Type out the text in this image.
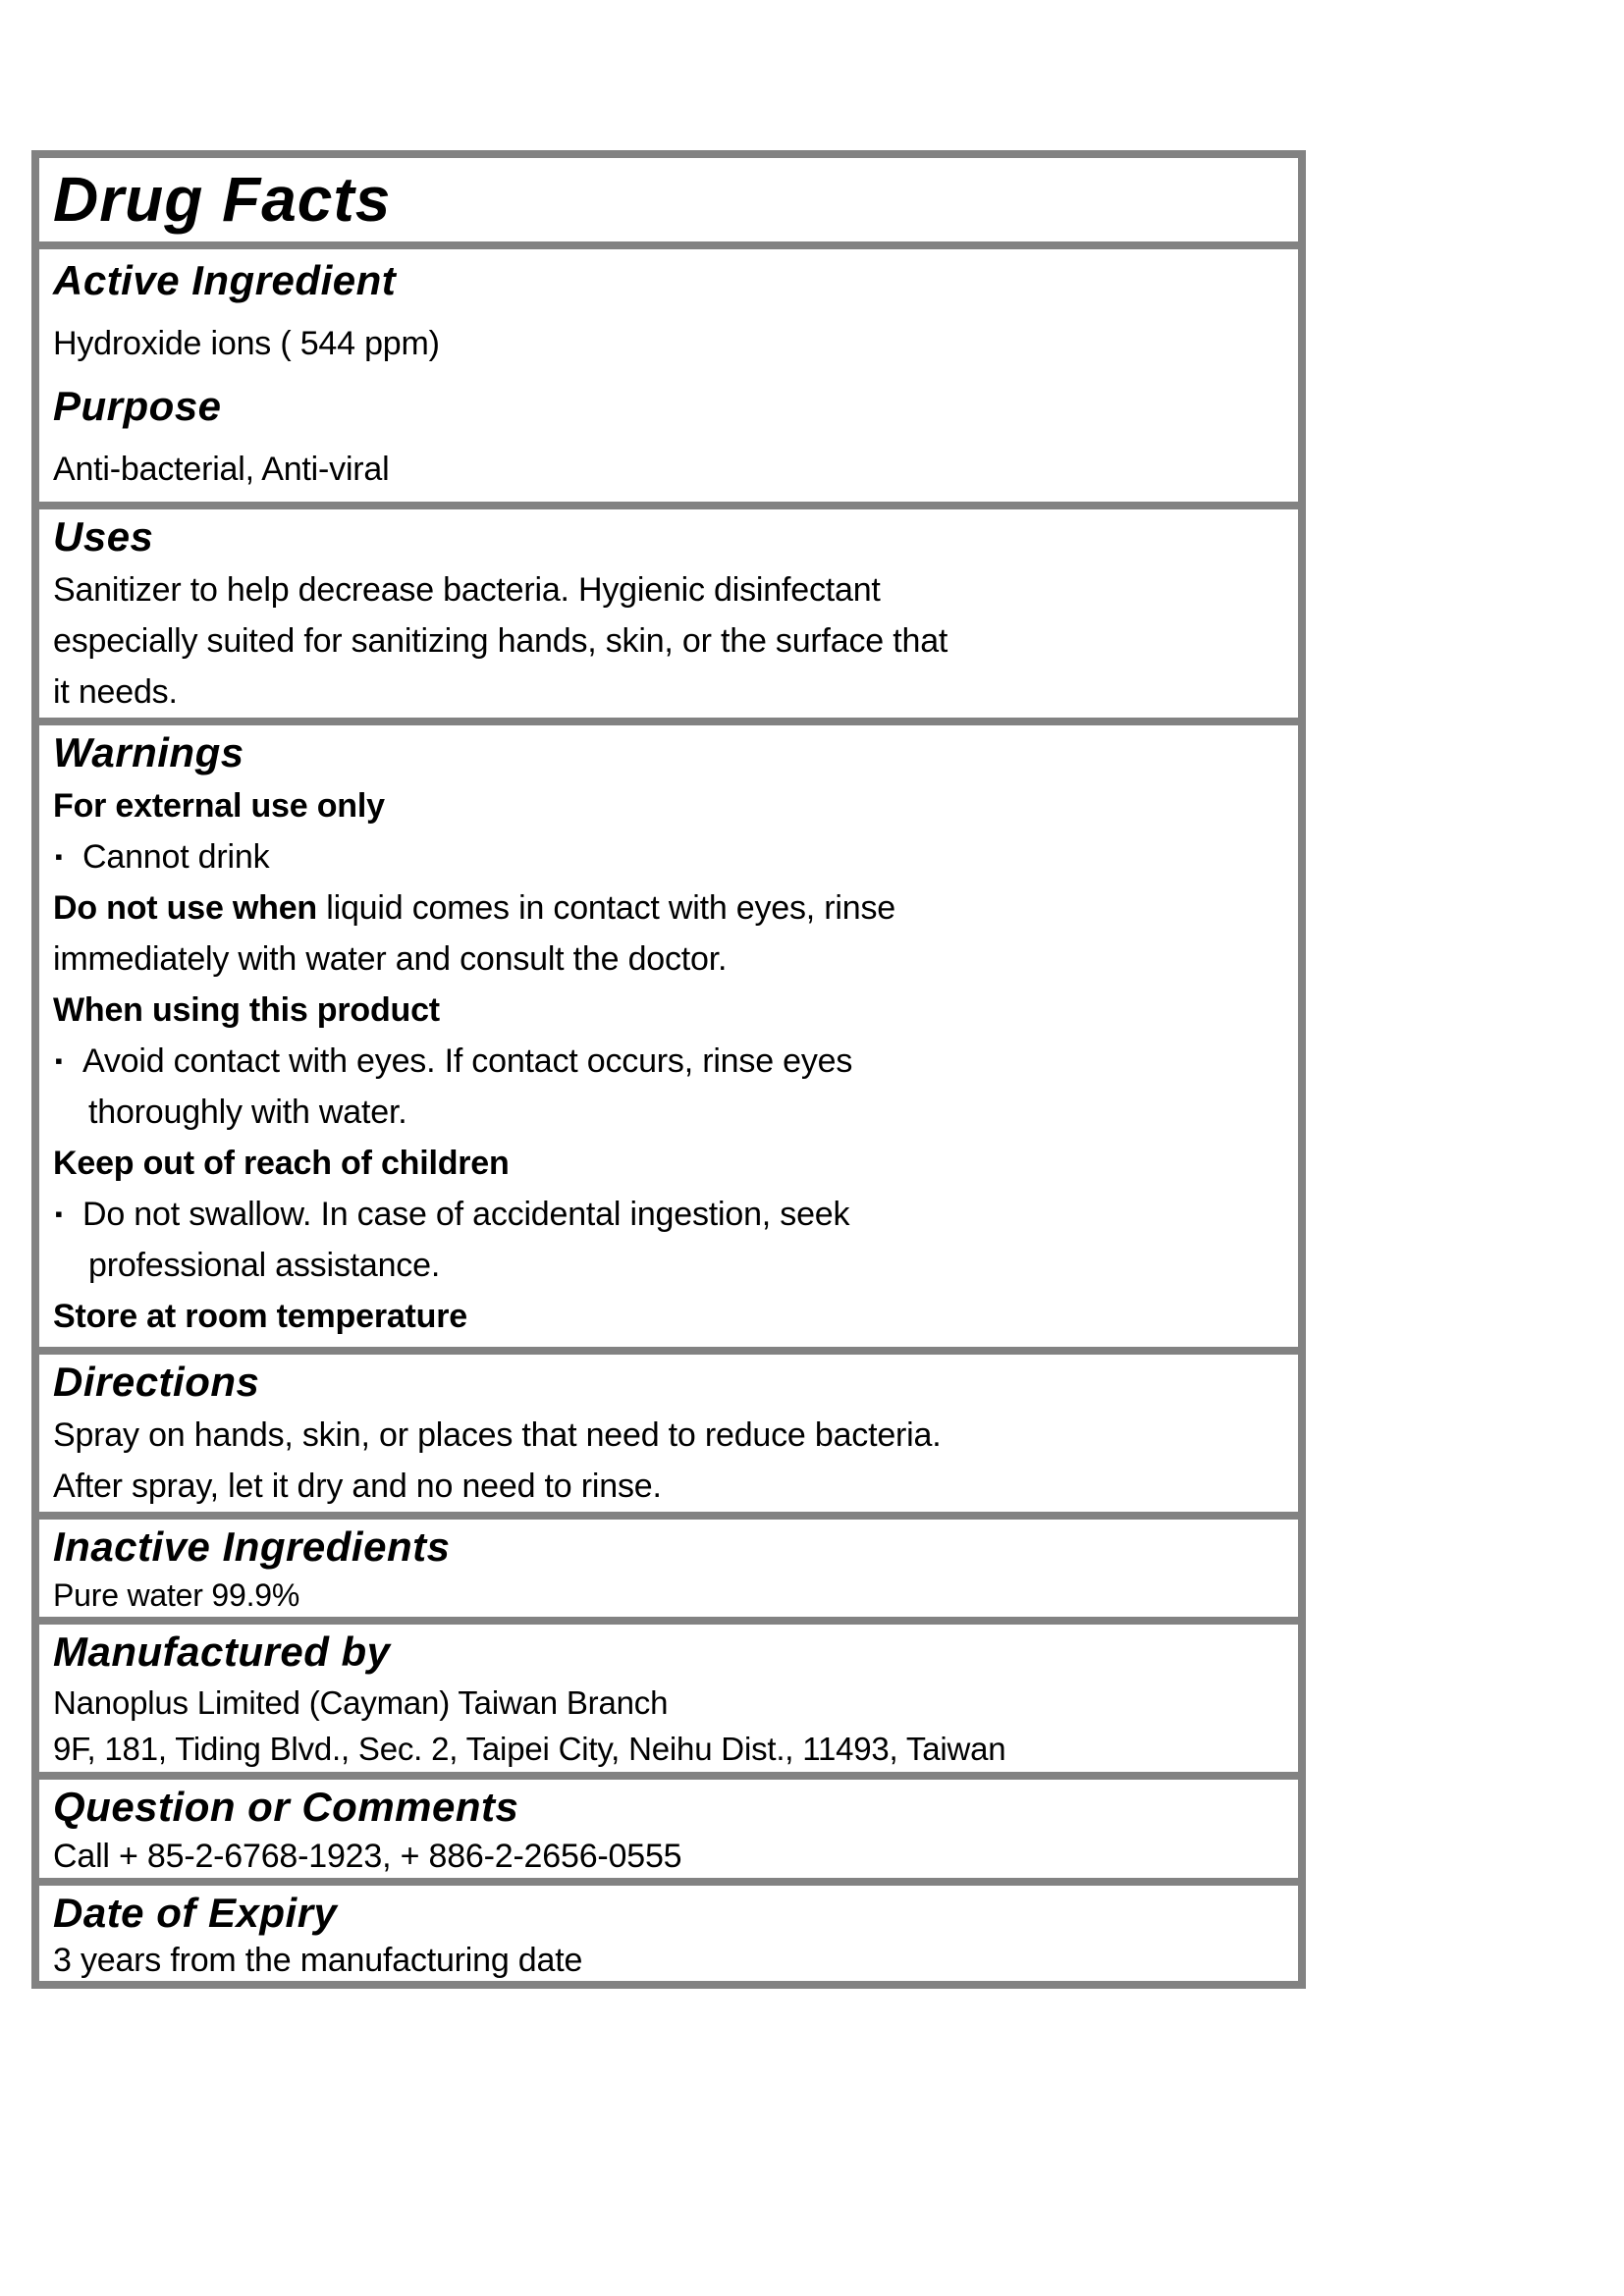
Drug Facts
Active Ingredient
Hydroxide ions ( 544 ppm)
Purpose
Anti-bacterial, Anti-viral
Uses
Sanitizer to help decrease bacteria. Hygienic disinfectant
especially suited for sanitizing hands, skin, or the surface that
it needs.
Warnings
For external use only
▪ Cannot drink
Do not use when liquid comes in contact with eyes, rinse
immediately with water and consult the doctor.
When using this product
▪ Avoid contact with eyes. If contact occurs, rinse eyes
thoroughly with water.
Keep out of reach of children
▪ Do not swallow. In case of accidental ingestion, seek
professional assistance.
Store at room temperature
Directions
Spray on hands, skin, or places that need to reduce bacteria.
After spray, let it dry and no need to rinse.
Inactive Ingredients
Pure water 99.9%
Manufactured by
Nanoplus Limited (Cayman) Taiwan Branch
9F, 181, Tiding Blvd., Sec. 2, Taipei City, Neihu Dist., 11493, Taiwan
Question or Comments
Call + 85-2-6768-1923, + 886-2-2656-0555
Date of Expiry
3 years from the manufacturing date
